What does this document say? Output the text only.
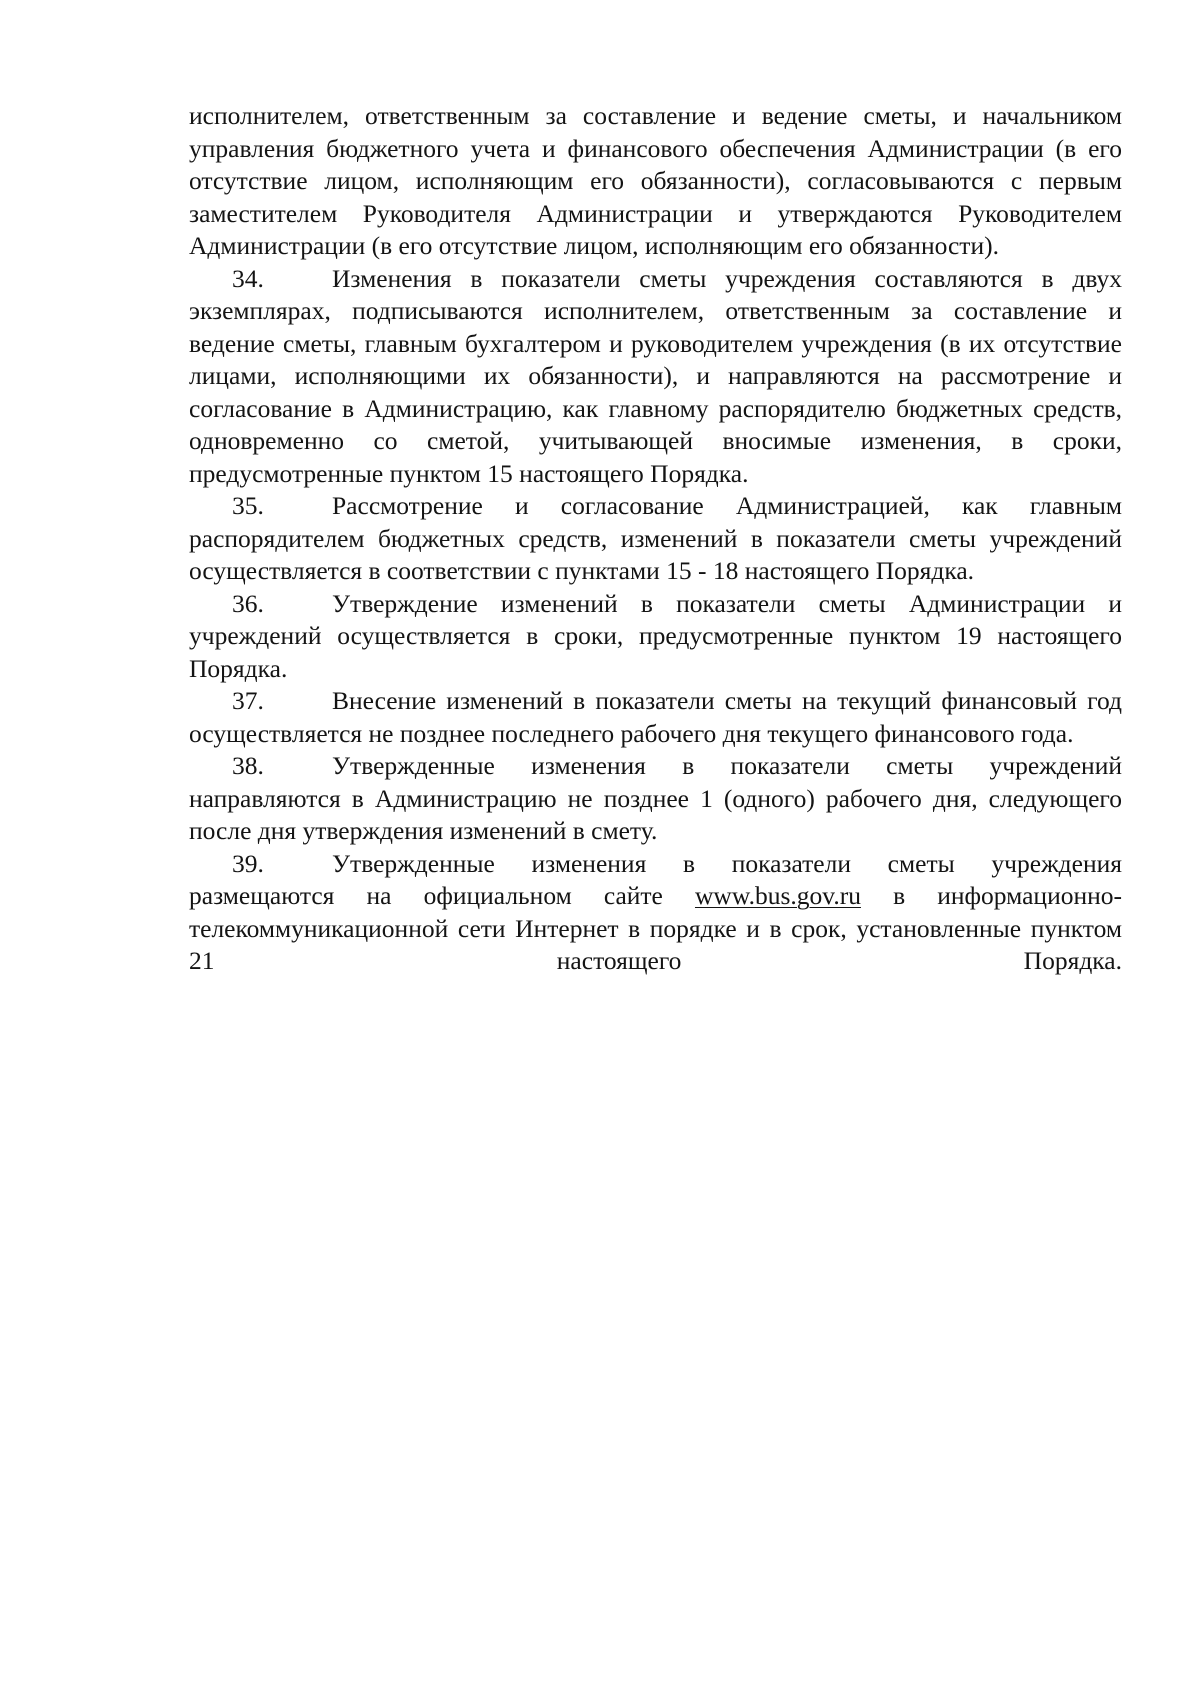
исполнителем, ответственным за составление и ведение сметы, и начальником управления бюджетного учета и финансового обеспечения Администрации (в его отсутствие лицом, исполняющим его обязанности), согласовываются с первым заместителем Руководителя Администрации и утверждаются Руководителем Администрации (в его отсутствие лицом, исполняющим его обязанности).

34.	Изменения в показатели сметы учреждения составляются в двух экземплярах, подписываются исполнителем, ответственным за составление и ведение сметы, главным бухгалтером и руководителем учреждения (в их отсутствие лицами, исполняющими их обязанности), и направляются на рассмотрение и согласование в Администрацию, как главному распорядителю бюджетных средств, одновременно со сметой, учитывающей вносимые изменения, в сроки, предусмотренные пунктом 15 настоящего Порядка.

35.	Рассмотрение и согласование Администрацией, как главным распорядителем бюджетных средств, изменений в показатели сметы учреждений осуществляется в соответствии с пунктами 15 - 18 настоящего Порядка.

36.	Утверждение изменений в показатели сметы Администрации и учреждений осуществляется в сроки, предусмотренные пунктом 19 настоящего Порядка.

37.	Внесение изменений в показатели сметы на текущий финансовый год осуществляется не позднее последнего рабочего дня текущего финансового года.

38.	Утвержденные изменения в показатели сметы учреждений направляются в Администрацию не позднее 1 (одного) рабочего дня, следующего после дня утверждения изменений в смету.

39.	Утвержденные изменения в показатели сметы учреждения размещаются на официальном сайте www.bus.gov.ru в информационно-телекоммуникационной сети Интернет в порядке и в срок, установленные пунктом 21 настоящего Порядка.
